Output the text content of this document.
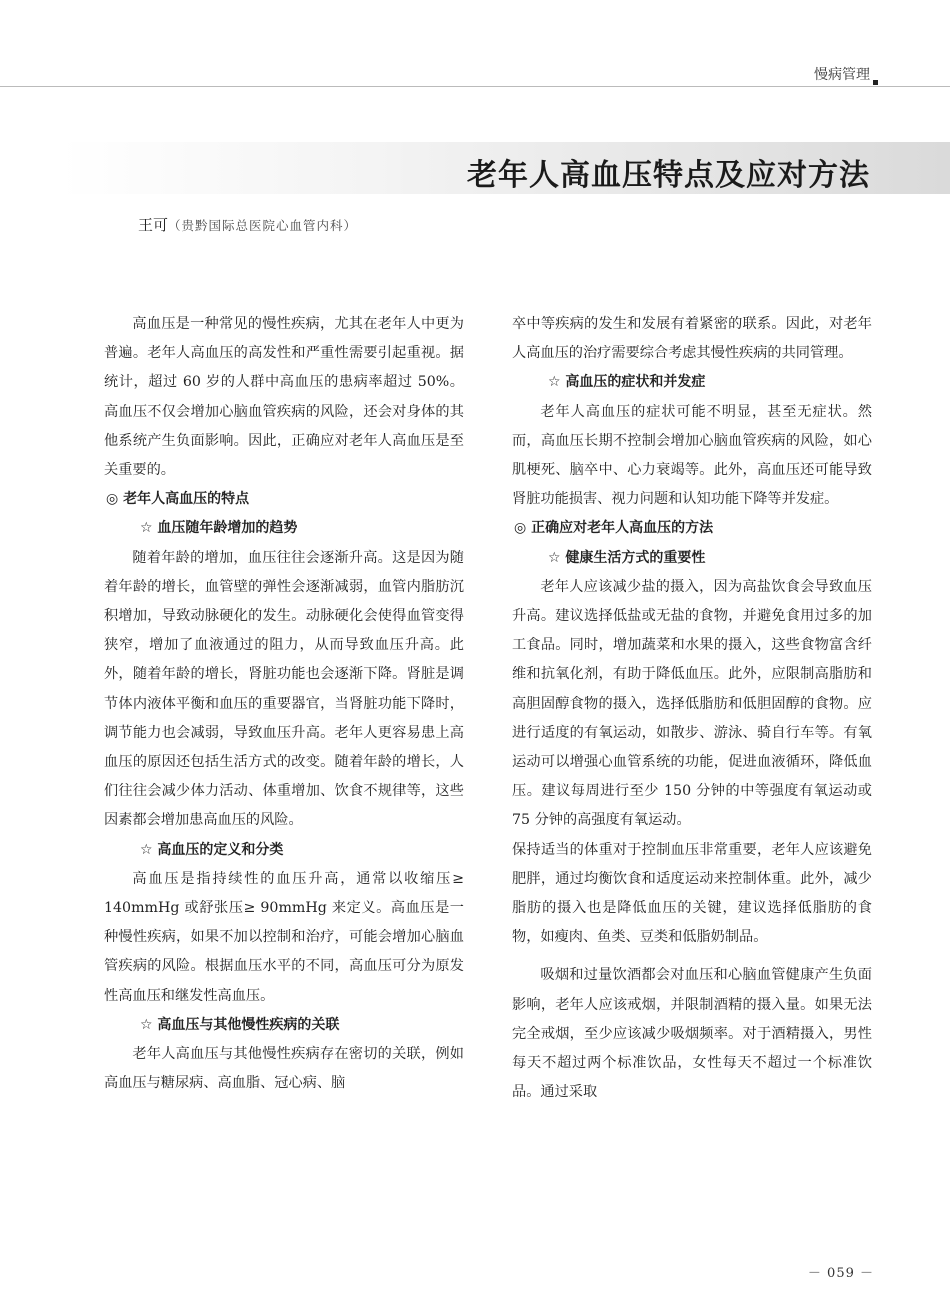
慢病管理
老年人高血压特点及应对方法
王可（贵黔国际总医院心血管内科）

高血压是一种常见的慢性疾病，尤其在老年人中更为普遍。老年人高血压的高发性和严重性需要引起重视。据统计，超过 60 岁的人群中高血压的患病率超过 50%。高血压不仅会增加心脑血管疾病的风险，还会对身体的其他系统产生负面影响。因此，正确应对老年人高血压是至关重要的。

◎ 老年人高血压的特点
☆ 血压随年龄增加的趋势

随着年龄的增加，血压往往会逐渐升高。这是因为随着年龄的增长，血管壁的弹性会逐渐减弱，血管内脂肪沉积增加，导致动脉硬化的发生。动脉硬化会使得血管变得狭窄，增加了血液通过的阻力，从而导致血压升高。此外，随着年龄的增长，肾脏功能也会逐渐下降。肾脏是调节体内液体平衡和血压的重要器官，当肾脏功能下降时，调节能力也会减弱，导致血压升高。老年人更容易患上高血压的原因还包括生活方式的改变。随着年龄的增长，人们往往会减少体力活动、体重增加、饮食不规律等，这些因素都会增加患高血压的风险。

☆ 高血压的定义和分类

高血压是指持续性的血压升高，通常以收缩压≥ 140mmHg 或舒张压≥ 90mmHg 来定义。高血压是一种慢性疾病，如果不加以控制和治疗，可能会增加心脑血管疾病的风险。根据血压水平的不同，高血压可分为原发性高血压和继发性高血压。

☆ 高血压与其他慢性疾病的关联

老年人高血压与其他慢性疾病存在密切的关联，例如高血压与糖尿病、高血脂、冠心病、脑

卒中等疾病的发生和发展有着紧密的联系。因此，对老年人高血压的治疗需要综合考虑其慢性疾病的共同管理。

☆ 高血压的症状和并发症

老年人高血压的症状可能不明显，甚至无症状。然而，高血压长期不控制会增加心脑血管疾病的风险，如心肌梗死、脑卒中、心力衰竭等。此外，高血压还可能导致肾脏功能损害、视力问题和认知功能下降等并发症。

◎ 正确应对老年人高血压的方法
☆ 健康生活方式的重要性

老年人应该减少盐的摄入，因为高盐饮食会导致血压升高。建议选择低盐或无盐的食物，并避免食用过多的加工食品。同时，增加蔬菜和水果的摄入，这些食物富含纤维和抗氧化剂，有助于降低血压。此外，应限制高脂肪和高胆固醇食物的摄入，选择低脂肪和低胆固醇的食物。应进行适度的有氧运动，如散步、游泳、骑自行车等。有氧运动可以增强心血管系统的功能，促进血液循环，降低血压。建议每周进行至少 150 分钟的中等强度有氧运动或75 分钟的高强度有氧运动。

保持适当的体重对于控制血压非常重要，老年人应该避免肥胖，通过均衡饮食和适度运动来控制体重。此外，减少脂肪的摄入也是降低血压的关键，建议选择低脂肪的食物，如瘦肉、鱼类、豆类和低脂奶制品。

吸烟和过量饮酒都会对血压和心脑血管健康产生负面影响，老年人应该戒烟，并限制酒精的摄入量。如果无法完全戒烟，至少应该减少吸烟频率。对于酒精摄入，男性每天不超过两个标准饮品，女性每天不超过一个标准饮品。通过采取

－ 059 －
